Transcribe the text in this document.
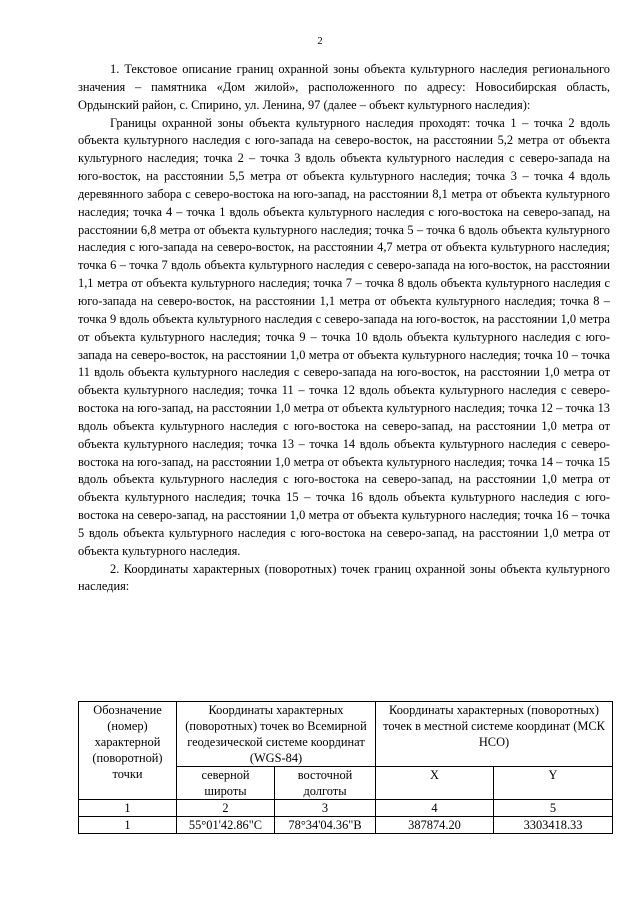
2

1. Текстовое описание границ охранной зоны объекта культурного наследия регионального значения – памятника «Дом жилой», расположенного по адресу: Новосибирская область, Ордынский район, с. Спирино, ул. Ленина, 97 (далее – объект культурного наследия):

Границы охранной зоны объекта культурного наследия проходят: точка 1 – точка 2 вдоль объекта культурного наследия с юго-запада на северо-восток, на расстоянии 5,2 метра от объекта культурного наследия; точка 2 – точка 3 вдоль объекта культурного наследия с северо-запада на юго-восток, на расстоянии 5,5 метра от объекта культурного наследия; точка 3 – точка 4 вдоль деревянного забора с северо-востока на юго-запад, на расстоянии 8,1 метра от объекта культурного наследия; точка 4 – точка 1 вдоль объекта культурного наследия с юго-востока на северо-запад, на расстоянии 6,8 метра от объекта культурного наследия; точка 5 – точка 6 вдоль объекта культурного наследия с юго-запада на северо-восток, на расстоянии 4,7 метра от объекта культурного наследия; точка 6 – точка 7 вдоль объекта культурного наследия с северо-запада на юго-восток, на расстоянии 1,1 метра от объекта культурного наследия; точка 7 – точка 8 вдоль объекта культурного наследия с юго-запада на северо-восток, на расстоянии 1,1 метра от объекта культурного наследия; точка 8 – точка 9 вдоль объекта культурного наследия с северо-запада на юго-восток, на расстоянии 1,0 метра от объекта культурного наследия; точка 9 – точка 10 вдоль объекта культурного наследия с юго-запада на северо-восток, на расстоянии 1,0 метра от объекта культурного наследия; точка 10 – точка 11 вдоль объекта культурного наследия с северо-запада на юго-восток, на расстоянии 1,0 метра от объекта культурного наследия; точка 11 – точка 12 вдоль объекта культурного наследия с северо-востока на юго-запад, на расстоянии 1,0 метра от объекта культурного наследия; точка 12 – точка 13 вдоль объекта культурного наследия с юго-востока на северо-запад, на расстоянии 1,0 метра от объекта культурного наследия; точка 13 – точка 14 вдоль объекта культурного наследия с северо-востока на юго-запад, на расстоянии 1,0 метра от объекта культурного наследия; точка 14 – точка 15 вдоль объекта культурного наследия с юго-востока на северо-запад, на расстоянии 1,0 метра от объекта культурного наследия; точка 15 – точка 16 вдоль объекта культурного наследия с юго-востока на северо-запад, на расстоянии 1,0 метра от объекта культурного наследия; точка 16 – точка 5 вдоль объекта культурного наследия с юго-востока на северо-запад, на расстоянии 1,0 метра от объекта культурного наследия.

2. Координаты характерных (поворотных) точек границ охранной зоны объекта культурного наследия:

Обозначение (номер) характерной (поворотной) точки	Координаты характерных (поворотных) точек во Всемирной геодезической системе координат (WGS-84)		Координаты характерных (поворотных) точек в местной системе координат (МСК НСО)	
	северной широты	восточной долготы	X	Y
1	2	3	4	5
1	55°01'42.86"С	78°34'04.36"В	387874.20	3303418.33
